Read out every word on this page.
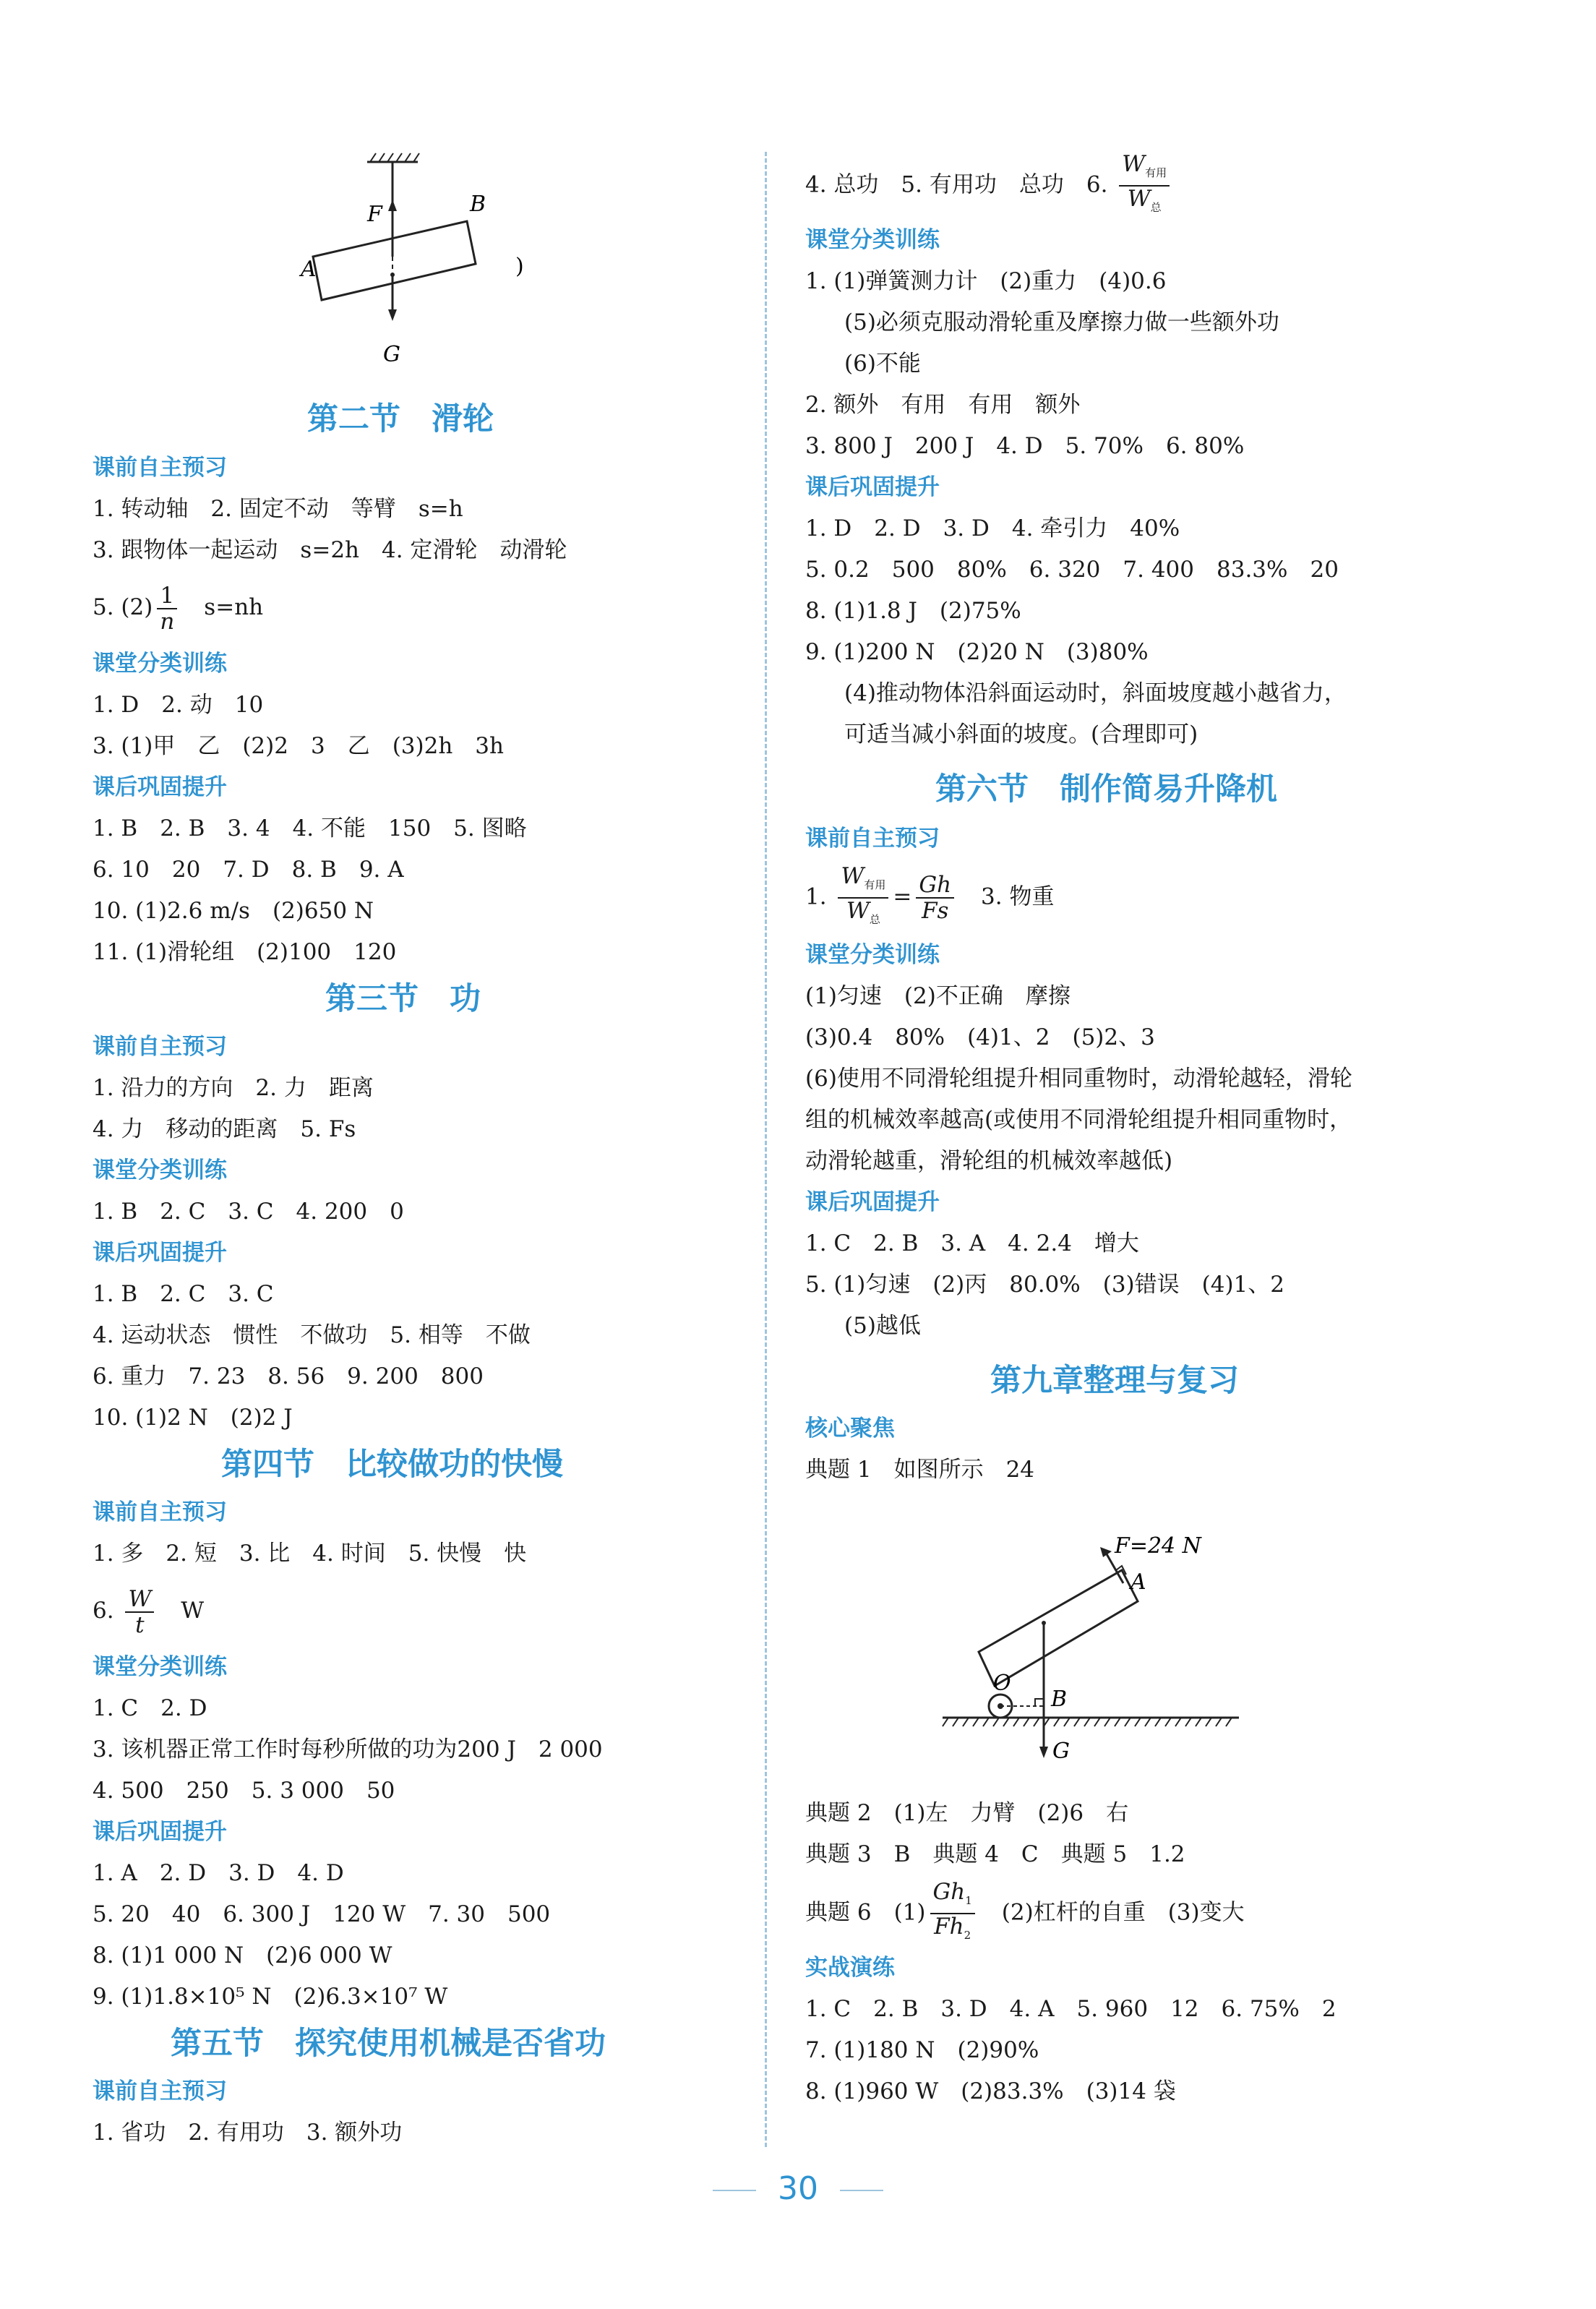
F	B
A
G
)
第二节　滑轮
课前自主预习
1. 转动轴　2. 固定不动　等臂　s=h
3. 跟物体一起运动　s=2h　4. 定滑轮　动滑轮
5. $(2) \frac{1}{n}$ 　s=nh
课堂分类训练
1. D　2. 动　10
3. (1)甲　乙　(2)2　3　乙　(3)2h　3h
课后巩固提升
1. B　2. B　3. 4　4. 不能　150　5. 图略
6. 10　20　7. D　8. B　9. A
10. (1)2.6 m/s　(2)650 N
11. (1)滑轮组　(2)100　120
第三节　功
课前自主预习
1. 沿力的方向　2. 力　距离
4. 力　移动的距离　5. Fs
课堂分类训练
1. B　2. C　3. C　4. 200　0
课后巩固提升
1. B　2. C　3. C
4. 运动状态　惯性　不做功　5. 相等　不做
6. 重力　7. 23　8. 56　9. 200　800
10. (1)2 N　(2)2 J
第四节　比较做功的快慢
课前自主预习
1. 多　2. 短　3. 比　4. 时间　5. 快慢　快
6. $\frac{W}{t}$ 　W
课堂分类训练
1. C　2. D
3. 该机器正常工作时每秒所做的功为200 J　2 000
4. 500　250　5. 3 000　50
课后巩固提升
1. A　2. D　3. D　4. D
5. 20　40　6. 300 J　120 W　7. 30　500
8. (1)1 000 N　(2)6 000 W
9. (1)1.8×10⁵ N　(2)6.3×10⁷ W
第五节　探究使用机械是否省功
课前自主预习
1. 省功　2. 有用功　3. 额外功
4. 总功　5. 有用功　总功　6. $\frac{W_{有用}}{W_总}$
课堂分类训练
1. (1)弹簧测力计　(2)重力　(4)0.6
(5)必须克服动滑轮重及摩擦力做一些额外功
(6)不能
2. 额外　有用　有用　额外
3. 800 J　200 J　4. D　5. 70%　6. 80%
课后巩固提升
1. D　2. D　3. D　4. 牵引力　40%
5. 0.2　500　80%　6. 320　7. 400　83.3%　20
8. (1)1.8 J　(2)75%
9. (1)200 N　(2)20 N　(3)80%
(4)推动物体沿斜面运动时，斜面坡度越小越省力，
可适当减小斜面的坡度。(合理即可)
第六节　制作简易升降机
课前自主预习
1. $\frac{W_{有用}}{W_总} = \frac{Gh}{Fs}$ 　3. 物重
课堂分类训练
(1)匀速　(2)不正确　摩擦
(3)0.4　80%　(4)1、2　(5)2、3
(6)使用不同滑轮组提升相同重物时，动滑轮越轻，滑轮
组的机械效率越高(或使用不同滑轮组提升相同重物时，
动滑轮越重，滑轮组的机械效率越低)
课后巩固提升
1. C　2. B　3. A　4. 2.4　增大
5. (1)匀速　(2)丙　80.0%　(3)错误　(4)1、2
(5)越低
第九章整理与复习
核心聚焦
典题 1　如图所示　24
F=24 N
A
O
B
G
典题 2　(1)左　力臂　(2)6　右
典题 3　B　典题 4　C　典题 5　1.2
典题 6　$(1) \frac{Gh_1}{Fh_2}$ 　(2)杠杆的自重　(3)变大
实战演练
1. C　2. B　3. D　4. A　5. 960　12　6. 75%　2
7. (1)180 N　(2)90%
8. (1)960 W　(2)83.3%　(3)14 袋
30
